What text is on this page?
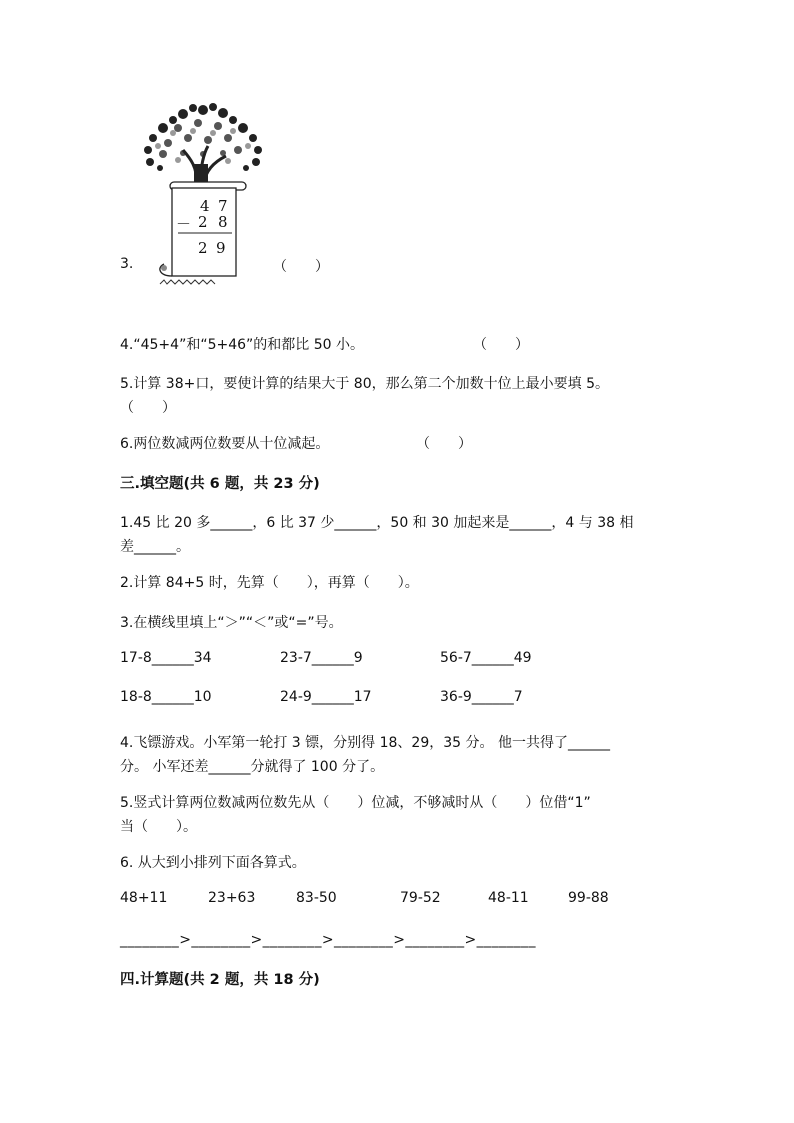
4 7
－ 2 8
2 9
3.	（　　）
4.“45+4”和“5+46”的和都比 50 小。	（　　）
5.计算 38+口，要使计算的结果大于 80，那么第二个加数十位上最小要填 5。
（　　）
6.两位数减两位数要从十位减起。	（　　）
三.填空题(共 6 题，共 23 分)
1.45 比 20 多______，6 比 37 少______，50 和 30 加起来是______，4 与 38 相
差______。
2.计算 84+5 时，先算（　　），再算（　　）。
3.在横线里填上“＞”“＜”或“=”号。
17-8______34	23-7______9	56-7______49
18-8______10	24-9______17	36-9______7
4.飞镖游戏。小军第一轮打 3 镖，分别得 18、29，35 分。 他一共得了______
分。 小军还差______分就得了 100 分了。
5.竖式计算两位数减两位数先从（　　）位减，不够减时从（　　）位借“1”
当（　　）。
6. 从大到小排列下面各算式。
48+11	23+63	83-50	79-52	48-11	99-88
________>________>________>________>________>________
四.计算题(共 2 题，共 18 分)
